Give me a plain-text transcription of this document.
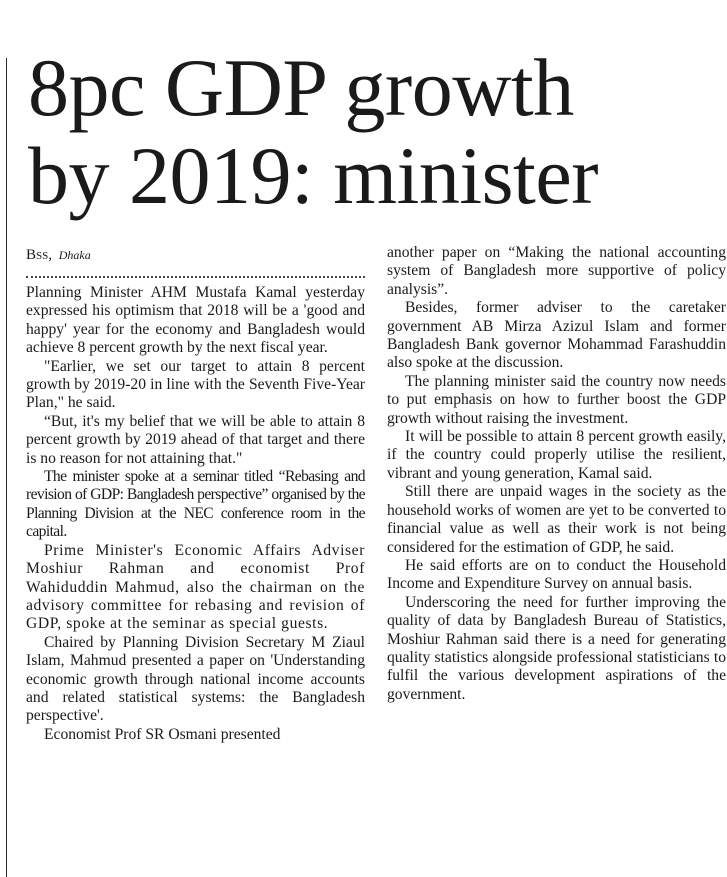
8pc GDP growth
by 2019: minister
Bss, Dhaka

Planning Minister AHM Mustafa Kamal yesterday expressed his optimism that 2018 will be a 'good and happy' year for the economy and Bangladesh would achieve 8 percent growth by the next fiscal year.

"Earlier, we set our target to attain 8 percent growth by 2019-20 in line with the Seventh Five-Year Plan," he said.

“But, it's my belief that we will be able to attain 8 percent growth by 2019 ahead of that target and there is no reason for not attaining that."

The minister spoke at a seminar titled “Rebasing and revision of GDP: Bangladesh perspective” organised by the Planning Division at the NEC conference room in the capital.

Prime Minister's Economic Affairs Adviser Moshiur Rahman and economist Prof Wahiduddin Mahmud, also the chairman on the advisory committee for rebasing and revision of GDP, spoke at the seminar as special guests.

Chaired by Planning Division Secretary M Ziaul Islam, Mahmud presented a paper on 'Understanding economic growth through national income accounts and related statistical systems: the Bangladesh perspective'.

Economist Prof SR Osmani presented

another paper on “Making the national accounting system of Bangladesh more supportive of policy analysis”.

Besides, former adviser to the caretaker government AB Mirza Azizul Islam and former Bangladesh Bank governor Mohammad Farashuddin also spoke at the discussion.

The planning minister said the country now needs to put emphasis on how to further boost the GDP growth without raising the investment.

It will be possible to attain 8 percent growth easily, if the country could properly utilise the resilient, vibrant and young generation, Kamal said.

Still there are unpaid wages in the society as the household works of women are yet to be converted to financial value as well as their work is not being considered for the estimation of GDP, he said.

He said efforts are on to conduct the Household Income and Expenditure Survey on annual basis.

Underscoring the need for further improving the quality of data by Bangladesh Bureau of Statistics, Moshiur Rahman said there is a need for generating quality statistics alongside professional statisticians to fulfil the various development aspirations of the government.
